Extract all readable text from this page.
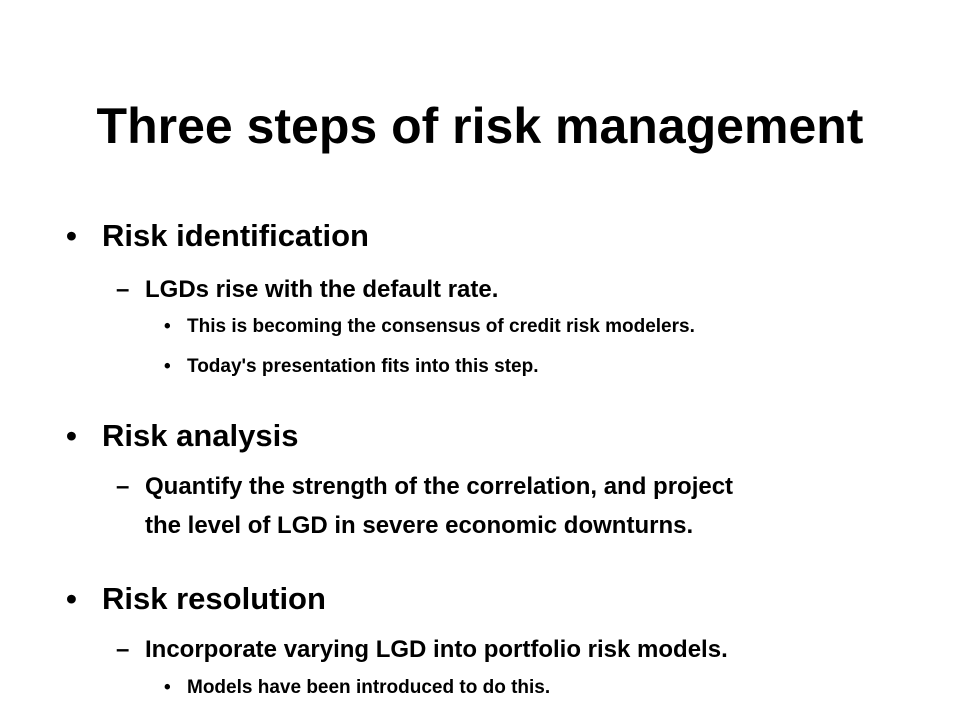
Three steps of risk management
• Risk identification
– LGDs rise with the default rate.
• This is becoming the consensus of credit risk modelers.
• Today's presentation fits into this step.
• Risk analysis
– Quantify the strength of the correlation, and project
the level of LGD in severe economic downturns.
• Risk resolution
– Incorporate varying LGD into portfolio risk models.
• Models have been introduced to do this.
